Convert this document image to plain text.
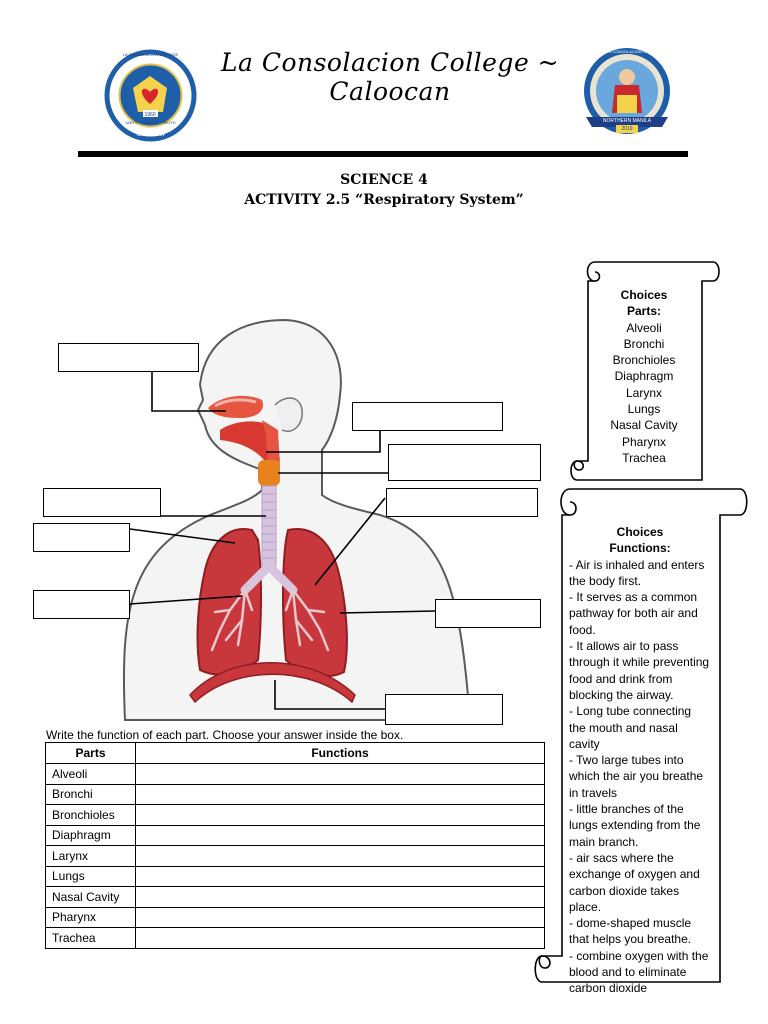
1960
LA CONSOLACION COLLEGE
UNITY · CHARITY · TRUTH
CALOOCAN
La Consolacion College ~ Caloocan
UNIFIED LA CONSOLACION COLLEGES
NORTHERN MANILA
2019
SCIENCE 4
ACTIVITY 2.5 “Respiratory System”
Choices
Parts:
Alveoli
Bronchi
Bronchioles
Diaphragm
Larynx
Lungs
Nasal Cavity
Pharynx
Trachea
Choices
Functions:
- Air is inhaled and enters the body first.
- It serves as a common pathway for both air and food.
- It allows air to pass through it while preventing food and drink from blocking the airway.
- Long tube connecting the mouth and nasal cavity
- Two large tubes into which the air you breathe in travels
- little branches of the lungs extending from the main branch.
- air sacs where the exchange of oxygen and carbon dioxide takes place.
- dome-shaped muscle that helps you breathe.
- combine oxygen with the blood and to eliminate carbon dioxide
Write the function of each part. Choose your answer inside the box.
Parts	Functions
Alveoli	
Bronchi	
Bronchioles	
Diaphragm	
Larynx	
Lungs	
Nasal Cavity	
Pharynx	
Trachea	
